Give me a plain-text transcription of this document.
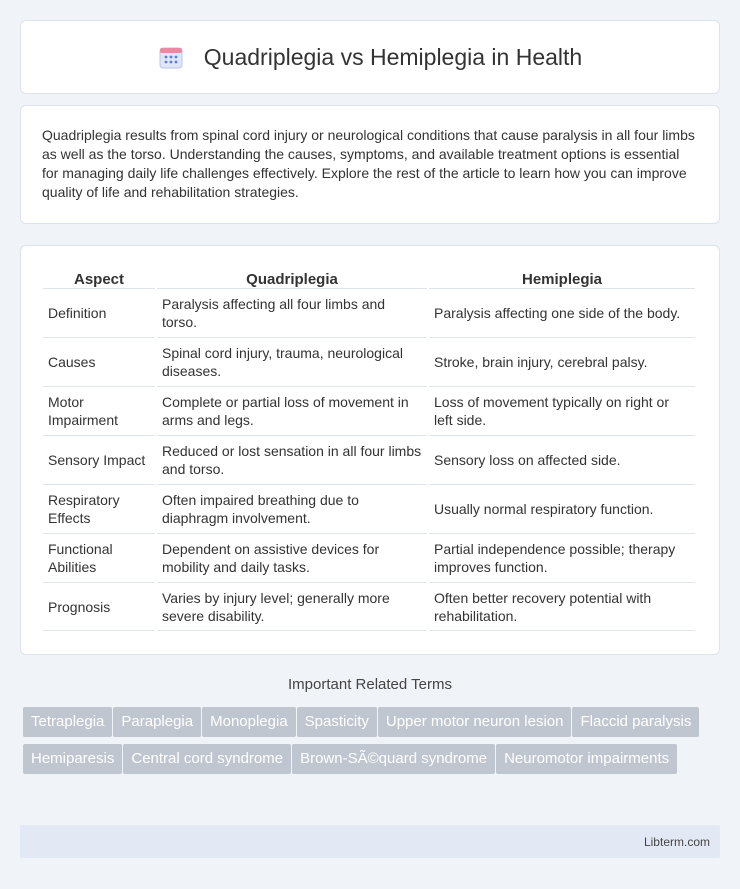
Quadriplegia vs Hemiplegia in Health

Quadriplegia results from spinal cord injury or neurological conditions that cause paralysis in all four limbs as well as the torso. Understanding the causes, symptoms, and available treatment options is essential for managing daily life challenges effectively. Explore the rest of the article to learn how you can improve quality of life and rehabilitation strategies.

Aspect	Quadriplegia	Hemiplegia
Definition	Paralysis affecting all four limbs and torso.	Paralysis affecting one side of the body.
Causes	Spinal cord injury, trauma, neurological diseases.	Stroke, brain injury, cerebral palsy.
Motor Impairment	Complete or partial loss of movement in arms and legs.	Loss of movement typically on right or left side.
Sensory Impact	Reduced or lost sensation in all four limbs and torso.	Sensory loss on affected side.
Respiratory Effects	Often impaired breathing due to diaphragm involvement.	Usually normal respiratory function.
Functional Abilities	Dependent on assistive devices for mobility and daily tasks.	Partial independence possible; therapy improves function.
Prognosis	Varies by injury level; generally more severe disability.	Often better recovery potential with rehabilitation.
Important Related Terms
Tetraplegia	Paraplegia	Monoplegia	Spasticity	Upper motor neuron lesion	Flaccid paralysis
Hemiparesis	Central cord syndrome	Brown-SÃ©quard syndrome	Neuromotor impairments
Libterm.com
